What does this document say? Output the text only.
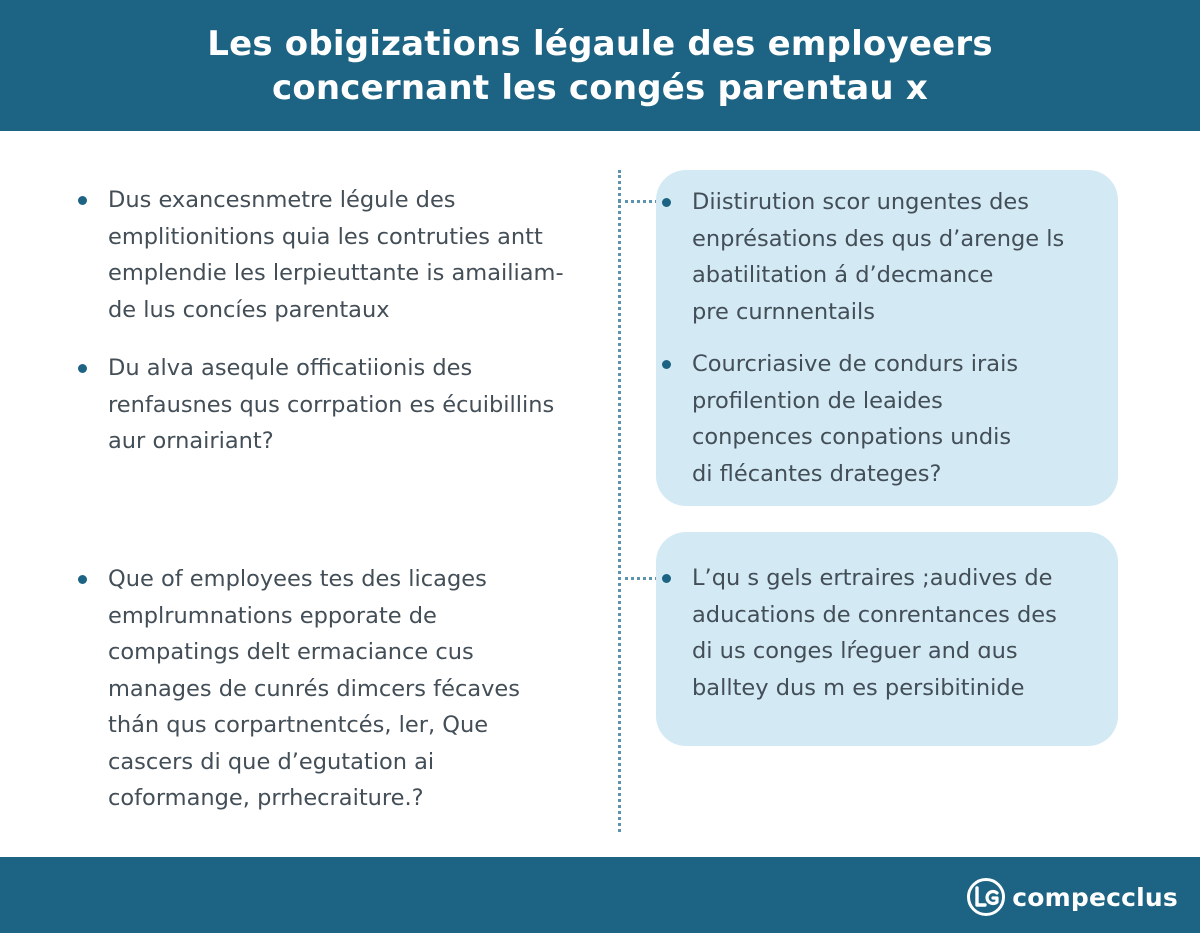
Les obigizations légaule des employeers
concernant les congés parentau x
Dus exancesnmetre légule des
emplitionitions quia les contruties antt
emplendie les lerpieuttante is amailiam-
de lus concíes parentaux
Du alva asequle officatiionis des
renfausnes qus corrpation es écuibillins
aur ornairiant?
Que of employees tes des licages
emplrumnations epporate de
compatings delt ermaciance cus
manages de cunrés dimcers fécaves
thán qus corpartnentcés, ler, Que
cascers di que d’egutation ai
coformange, prrhecraiture.?
Diistirution scor ungentes des
enprésations des qus d’arenge ls
abatilitation á d’decmance
pre curnnentails
Courcriasive de condurs irais
profilention de leaides
conpences conpations undis
di flécantes drateges?
L’qu s gels ertraires ;audives de
aducations de conrentances des
di us conges lŕeguer and ɑus
balltey dus m es persibitinide
compecclus
